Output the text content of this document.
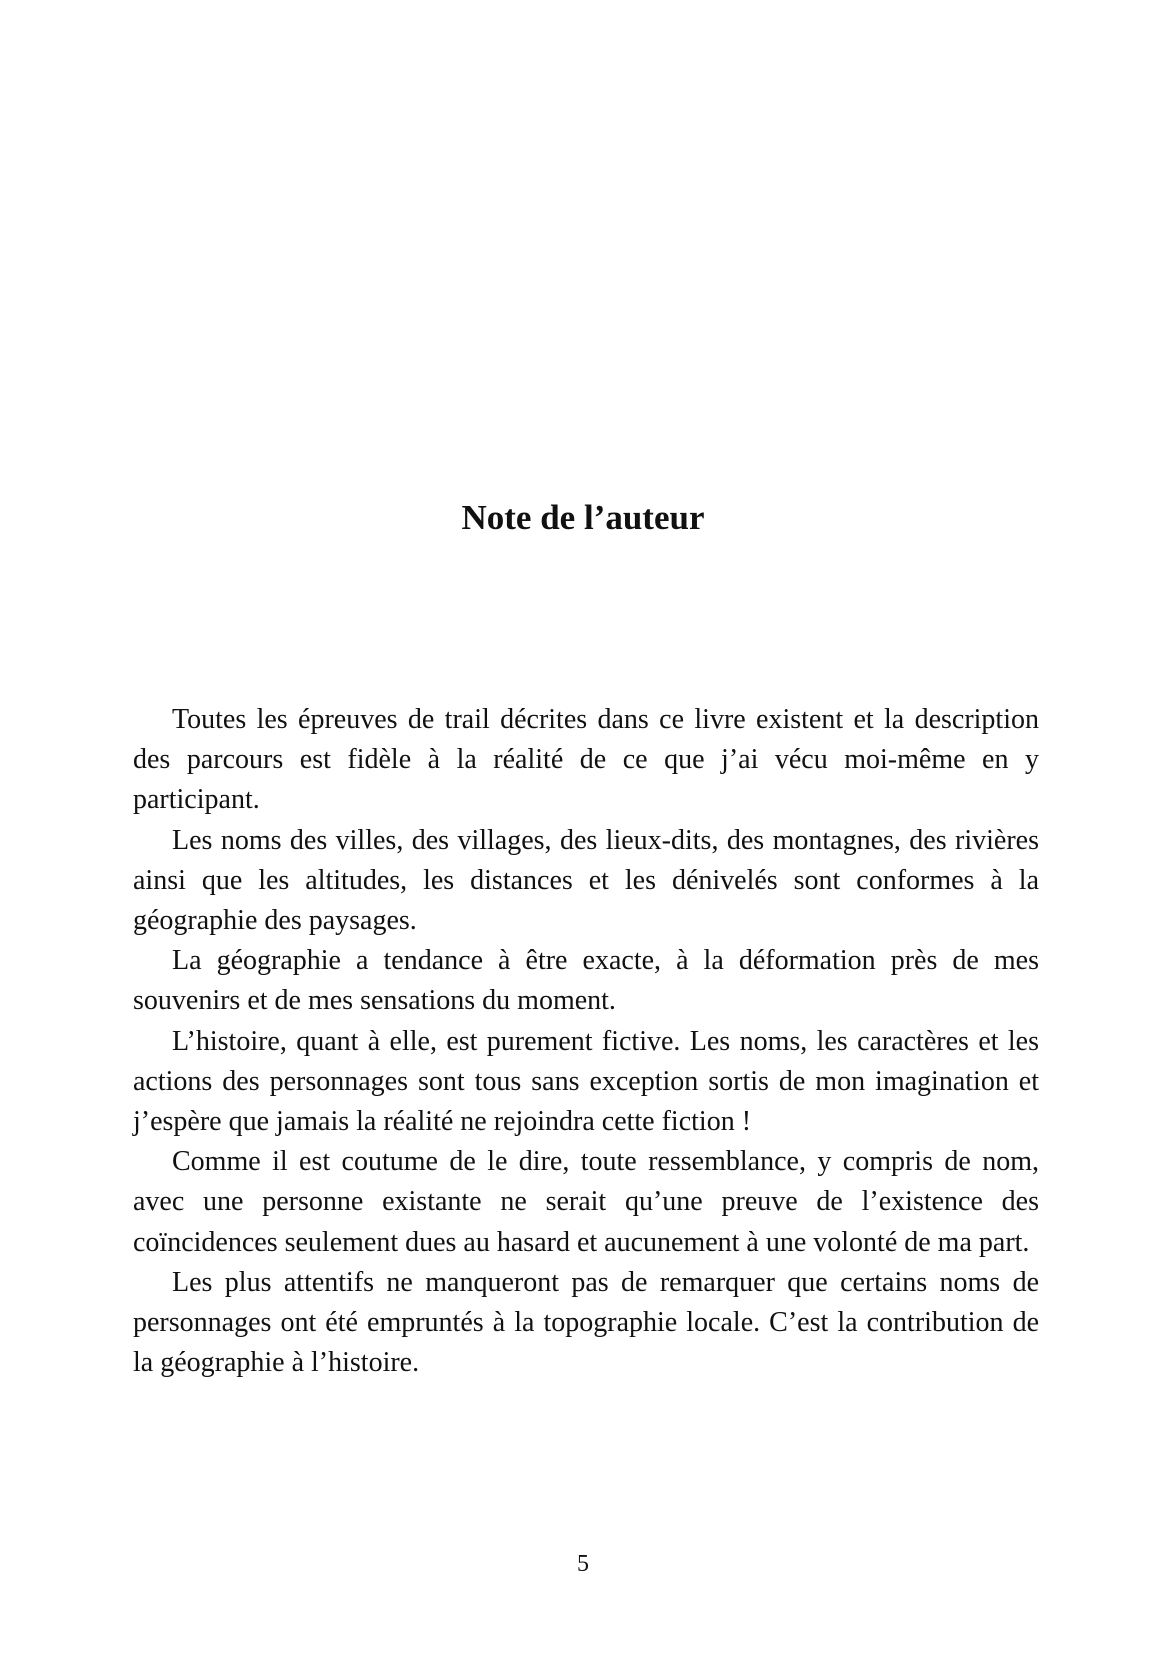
Note de l’auteur

Toutes les épreuves de trail décrites dans ce livre existent et la description des parcours est fidèle à la réalité de ce que j’ai vécu moi-même en y participant.

Les noms des villes, des villages, des lieux-dits, des montagnes, des rivières ainsi que les altitudes, les distances et les dénivelés sont conformes à la géographie des paysages.

La géographie a tendance à être exacte, à la déformation près de mes souvenirs et de mes sensations du moment.

L’histoire, quant à elle, est purement fictive. Les noms, les caractères et les actions des personnages sont tous sans exception sortis de mon imagination et j’espère que jamais la réalité ne rejoindra cette fiction !

Comme il est coutume de le dire, toute ressemblance, y compris de nom, avec une personne existante ne serait qu’une preuve de l’existence des coïncidences seulement dues au hasard et aucunement à une volonté de ma part.

Les plus attentifs ne manqueront pas de remarquer que certains noms de personnages ont été empruntés à la topographie locale. C’est la contribution de la géographie à l’histoire.

5
